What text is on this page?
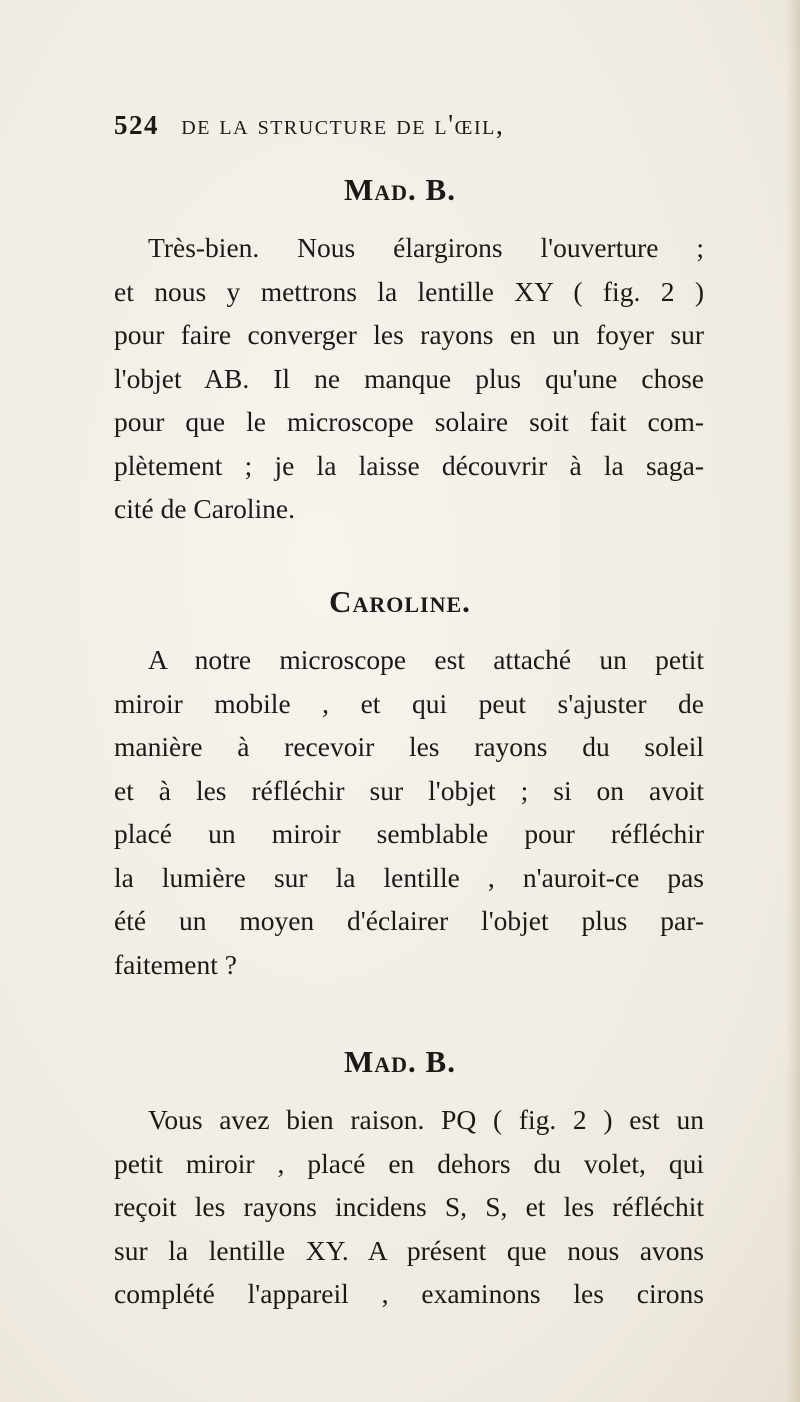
524 de la structure de l'œil,
Mad. B.
Très-bien. Nous élargirons l'ouverture ;
et nous y mettrons la lentille XY ( fig. 2 )
pour faire converger les rayons en un foyer sur
l'objet AB. Il ne manque plus qu'une chose
pour que le microscope solaire soit fait com-
plètement ; je la laisse découvrir à la saga-
cité de Caroline.
Caroline.
A notre microscope est attaché un petit
miroir mobile , et qui peut s'ajuster de
manière à recevoir les rayons du soleil
et à les réfléchir sur l'objet ; si on avoit
placé un miroir semblable pour réfléchir
la lumière sur la lentille , n'auroit-ce pas
été un moyen d'éclairer l'objet plus par-
faitement ?
Mad. B.
Vous avez bien raison. PQ ( fig. 2 ) est un
petit miroir , placé en dehors du volet, qui
reçoit les rayons incidens S, S, et les réfléchit
sur la lentille XY. A présent que nous avons
complété l'appareil , examinons les cirons
